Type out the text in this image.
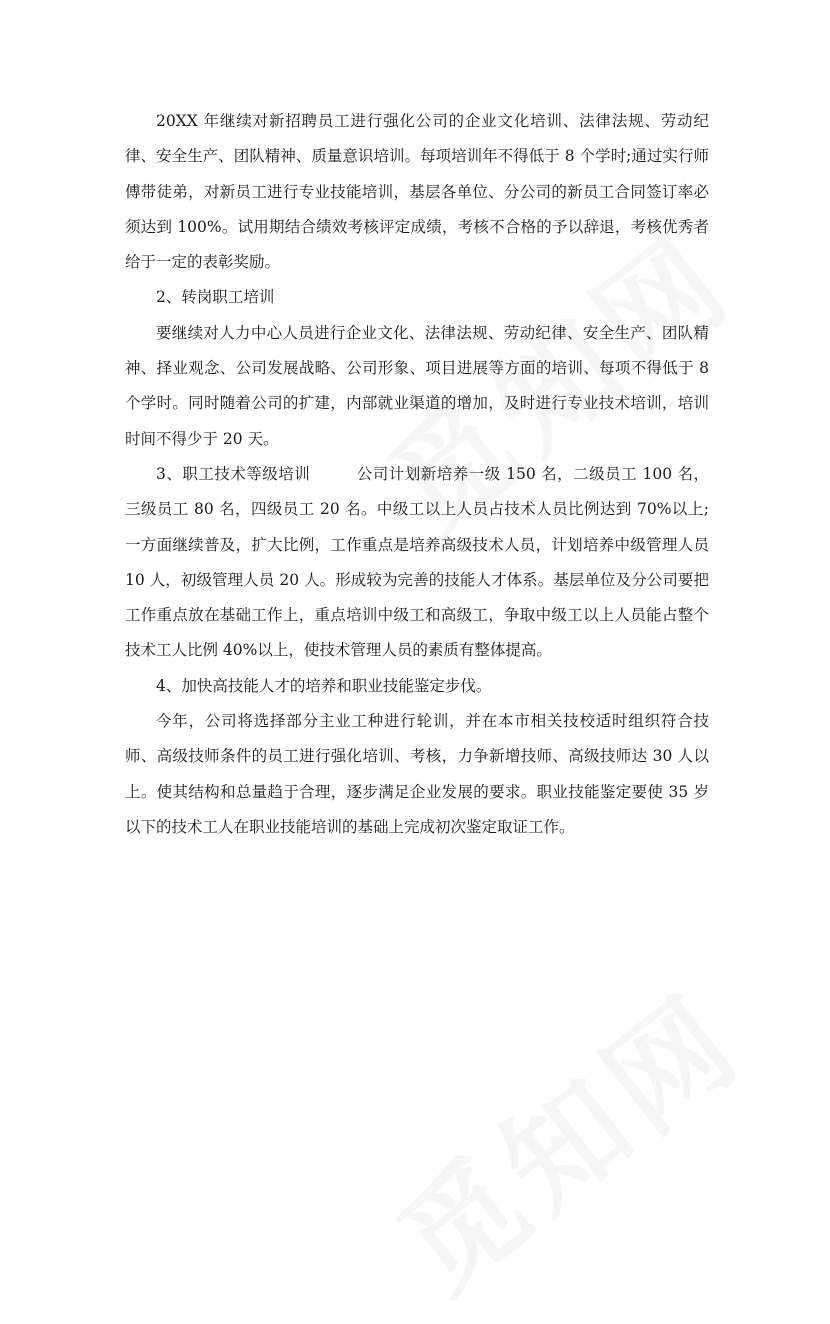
20XX 年继续对新招聘员工进行强化公司的企业文化培训、法律法规、劳动纪律、安全生产、团队精神、质量意识培训。每项培训年不得低于 8 个学时;通过实行师傅带徒弟，对新员工进行专业技能培训，基层各单位、分公司的新员工合同签订率必须达到 100%。试用期结合绩效考核评定成绩，考核不合格的予以辞退，考核优秀者给于一定的表彰奖励。

2、转岗职工培训

要继续对人力中心人员进行企业文化、法律法规、劳动纪律、安全生产、团队精神、择业观念、公司发展战略、公司形象、项目进展等方面的培训、每项不得低于 8 个学时。同时随着公司的扩建，内部就业渠道的增加，及时进行专业技术培训，培训时间不得少于 20 天。

3、职工技术等级培训	公司计划新培养一级 150 名，二级员工 100 名，三级员工 80 名，四级员工 20 名。中级工以上人员占技术人员比例达到 70%以上;一方面继续普及，扩大比例，工作重点是培养高级技术人员，计划培养中级管理人员 10 人，初级管理人员 20 人。形成较为完善的技能人才体系。基层单位及分公司要把工作重点放在基础工作上，重点培训中级工和高级工，争取中级工以上人员能占整个技术工人比例 40%以上，使技术管理人员的素质有整体提高。

4、加快高技能人才的培养和职业技能鉴定步伐。

今年，公司将选择部分主业工种进行轮训，并在本市相关技校适时组织符合技师、高级技师条件的员工进行强化培训、考核，力争新增技师、高级技师达 30 人以上。使其结构和总量趋于合理，逐步满足企业发展的要求。职业技能鉴定要使 35 岁以下的技术工人在职业技能培训的基础上完成初次鉴定取证工作。
